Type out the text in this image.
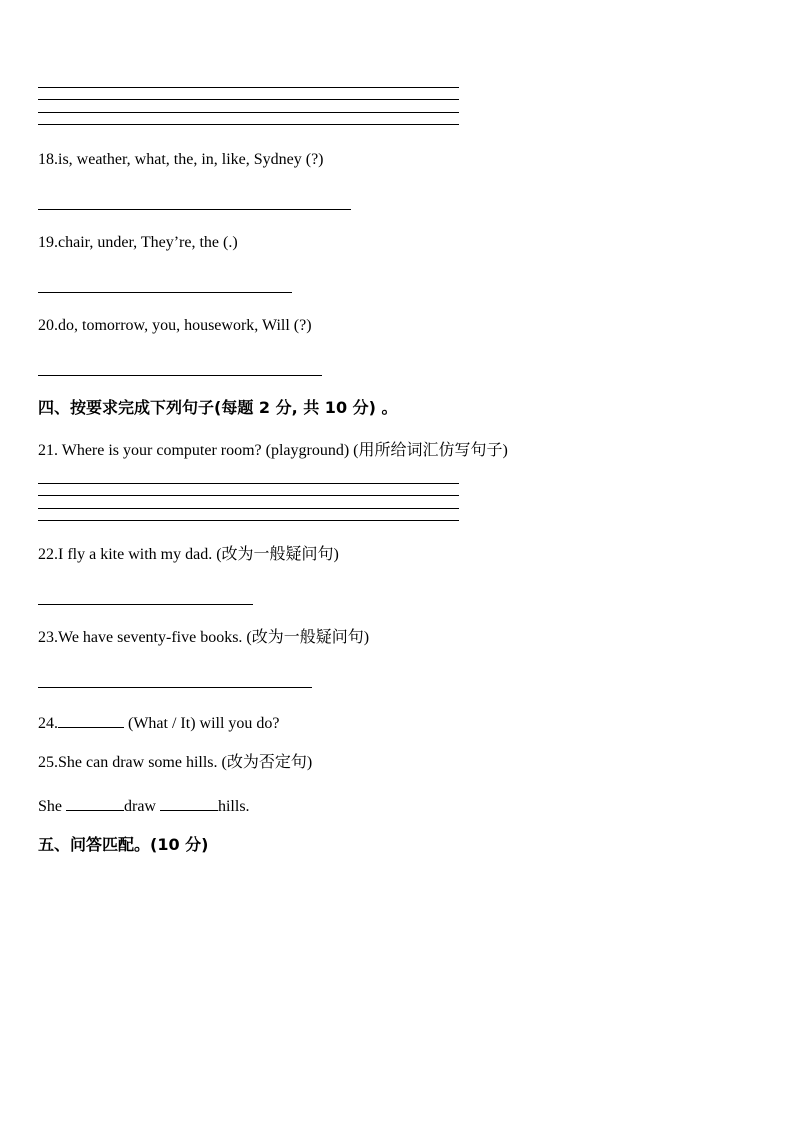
18.is, weather, what, the, in, like, Sydney (?)
19.chair, under, They’re, the (.)
20.do, tomorrow, you, housework, Will (?)
四、按要求完成下列句子(每题 2 分, 共 10 分) 。
21. Where is your computer room? (playground) (用所给词汇仿写句子)
22.I fly a kite with my dad. (改为一般疑问句)
23.We have seventy-five books. (改为一般疑问句)
24.	(What / It) will you do?
25.She can draw some hills. (改为否定句)
She	draw	hills.
五、问答匹配。(10 分)
